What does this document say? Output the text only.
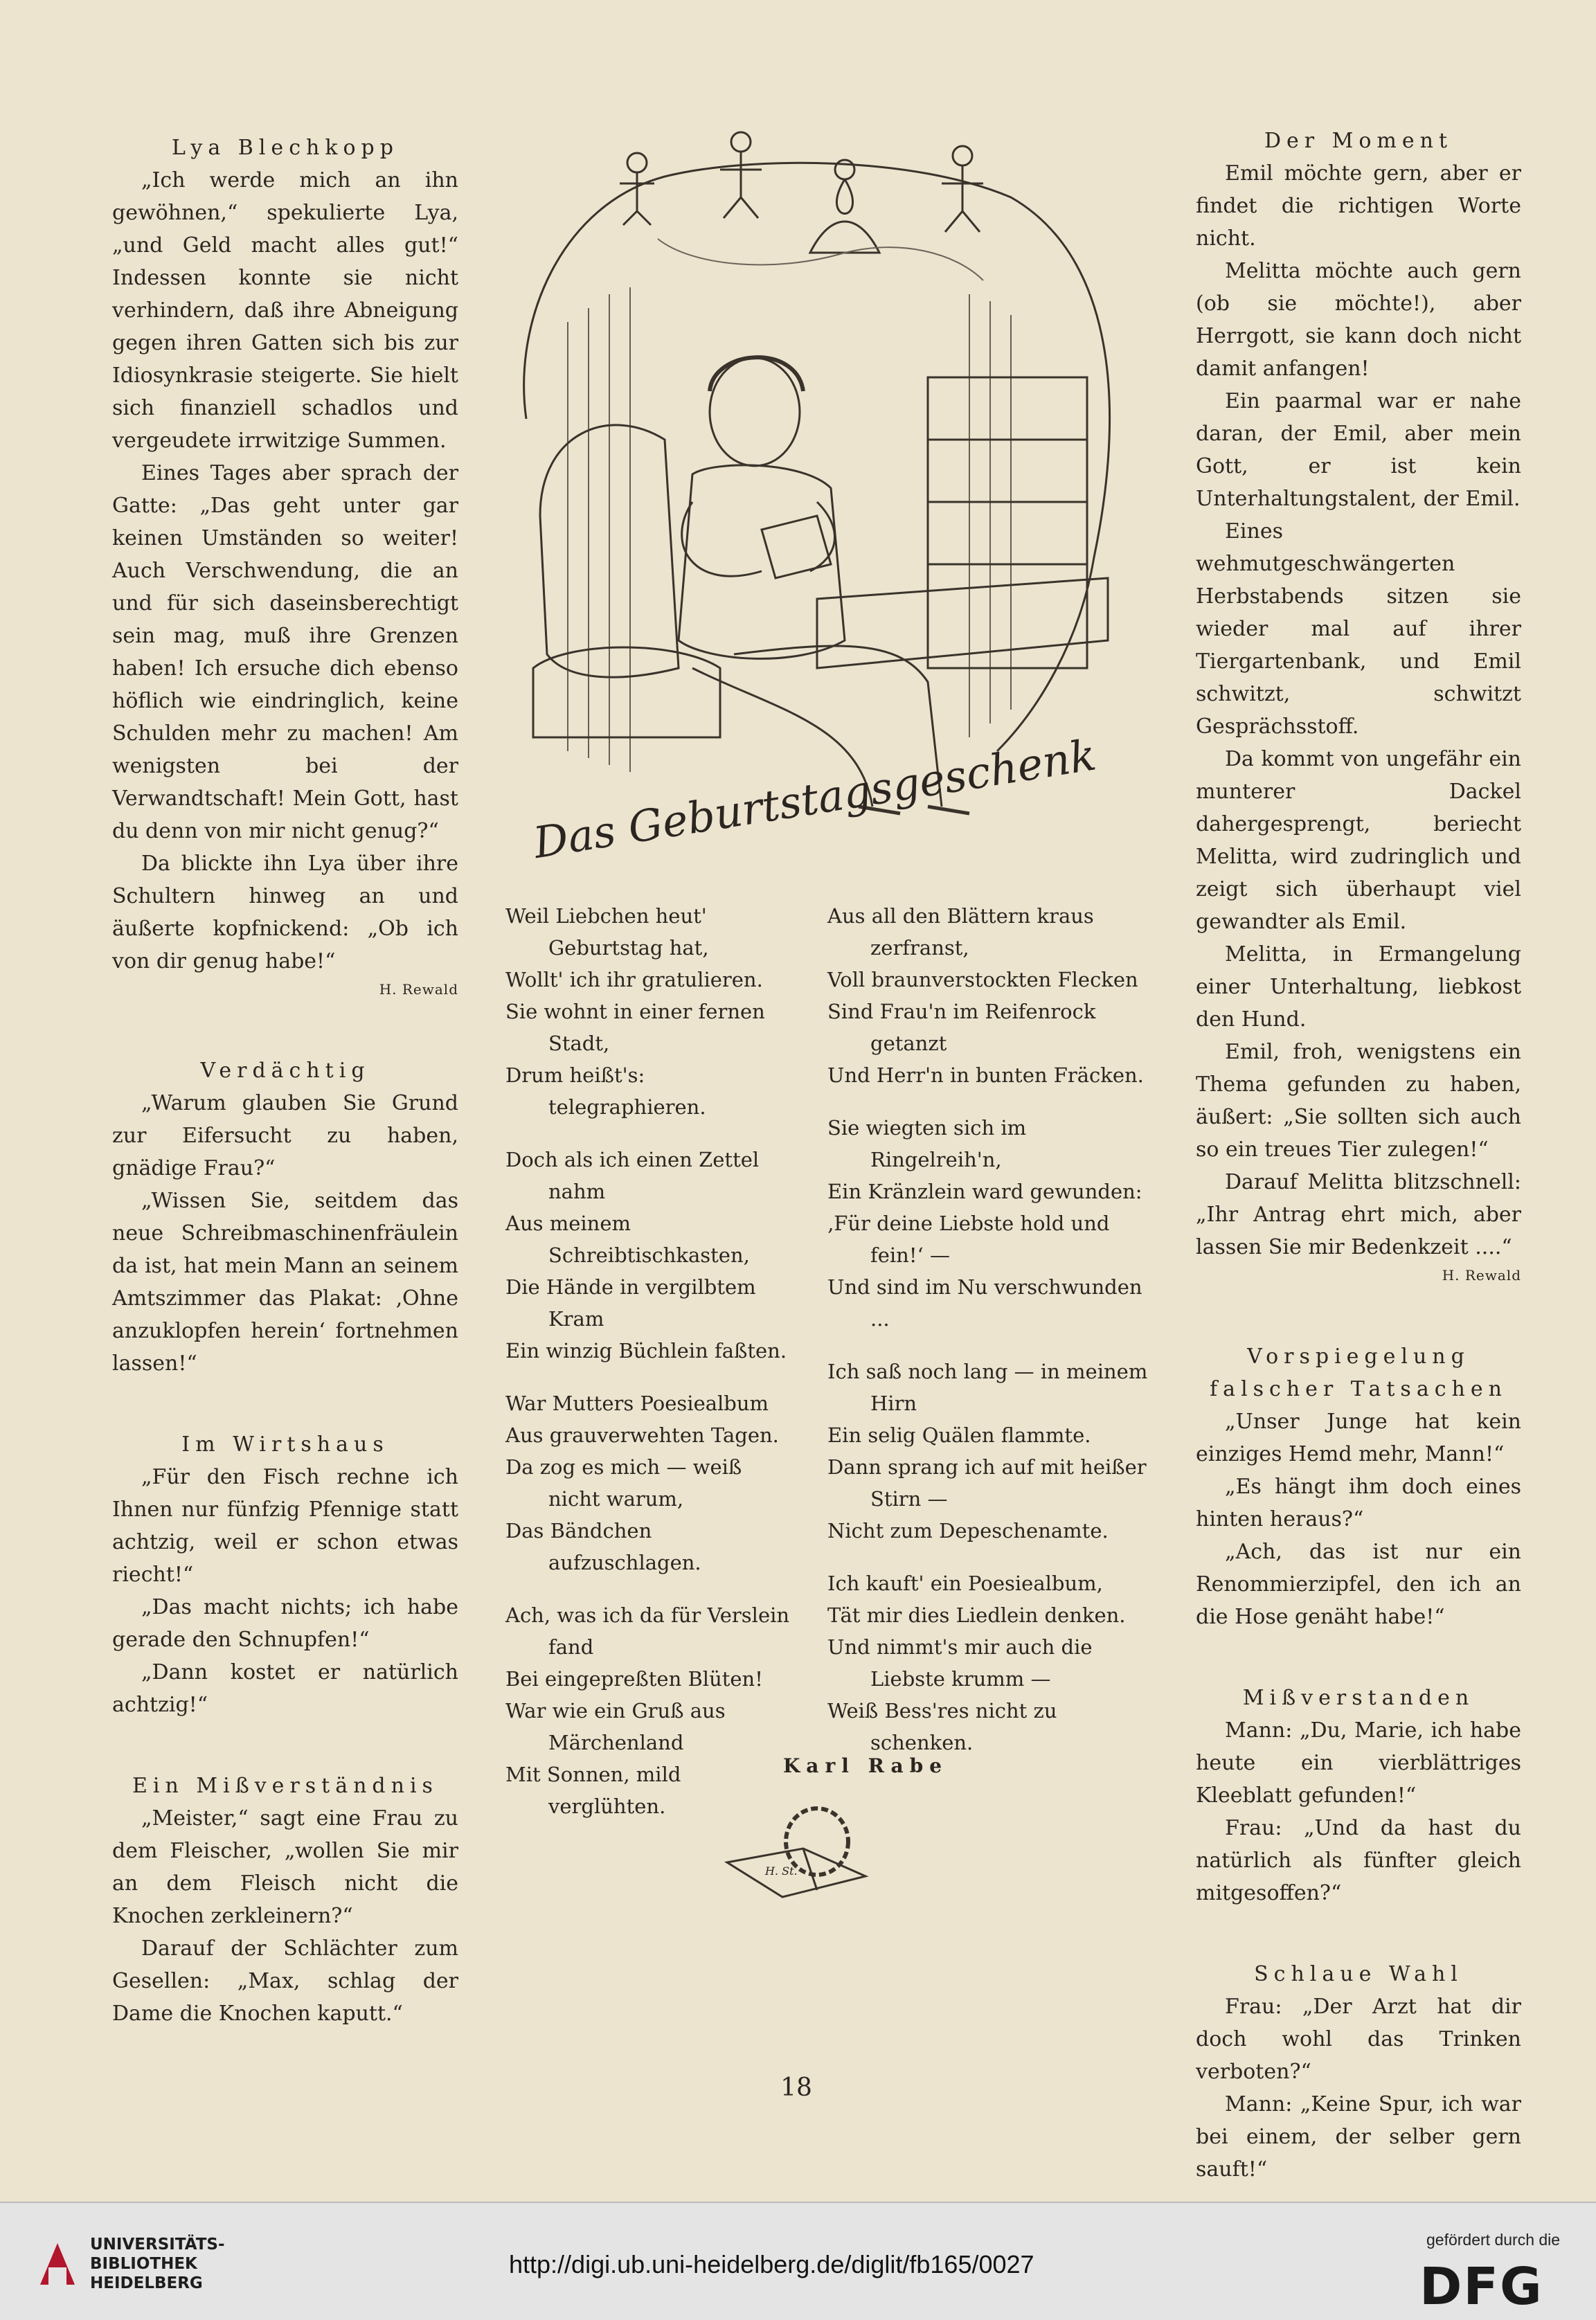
Lya Blechkopp

„Ich werde mich an ihn gewöhnen,“ spekulierte Lya, „und Geld macht alles gut!“ Indessen konnte sie nicht verhindern, daß ihre Abneigung gegen ihren Gatten sich bis zur Idiosynkrasie steigerte. Sie hielt sich finanziell schadlos und vergeudete irrwitzige Summen.

Eines Tages aber sprach der Gatte: „Das geht unter gar keinen Umständen so weiter! Auch Verschwendung, die an und für sich daseinsberechtigt sein mag, muß ihre Grenzen haben! Ich ersuche dich ebenso höflich wie eindringlich, keine Schulden mehr zu machen! Am wenigsten bei der Verwandtschaft! Mein Gott, hast du denn von mir nicht genug?“

Da blickte ihn Lya über ihre Schultern hinweg an und äußerte kopfnickend: „Ob ich von dir genug habe!“

H. Rewald

Verdächtig

„Warum glauben Sie Grund zur Eifersucht zu haben, gnädige Frau?“

„Wissen Sie, seitdem das neue Schreibmaschinenfräulein da ist, hat mein Mann an seinem Amtszimmer das Plakat: ‚Ohne anzuklopfen herein‘ fortnehmen lassen!“

Im Wirtshaus

„Für den Fisch rechne ich Ihnen nur fünfzig Pfennige statt achtzig, weil er schon etwas riecht!“

„Das macht nichts; ich habe gerade den Schnupfen!“

„Dann kostet er natürlich achtzig!“

Ein Mißverständnis

„Meister,“ sagt eine Frau zu dem Fleischer, „wollen Sie mir an dem Fleisch nicht die Knochen zerkleinern?“

Darauf der Schlächter zum Gesellen: „Max, schlag der Dame die Knochen kaputt.“

Der Moment

Emil möchte gern, aber er findet die richtigen Worte nicht.

Melitta möchte auch gern (ob sie möchte!), aber Herrgott, sie kann doch nicht damit anfangen!

Ein paarmal war er nahe daran, der Emil, aber mein Gott, er ist kein Unterhaltungstalent, der Emil.

Eines wehmutgeschwängerten Herbstabends sitzen sie wieder mal auf ihrer Tiergartenbank, und Emil schwitzt, schwitzt Gesprächsstoff.

Da kommt von ungefähr ein munterer Dackel dahergesprengt, beriecht Melitta, wird zudringlich und zeigt sich überhaupt viel gewandter als Emil.

Melitta, in Ermangelung einer Unterhaltung, liebkost den Hund.

Emil, froh, wenigstens ein Thema gefunden zu haben, äußert: „Sie sollten sich auch so ein treues Tier zulegen!“

Darauf Melitta blitzschnell: „Ihr Antrag ehrt mich, aber lassen Sie mir Bedenkzeit ....“

H. Rewald

Vorspiegelung falscher Tatsachen

„Unser Junge hat kein einziges Hemd mehr, Mann!“

„Es hängt ihm doch eines hinten heraus?“

„Ach, das ist nur ein Renommierzipfel, den ich an die Hose genäht habe!“

Mißverstanden

Mann: „Du, Marie, ich habe heute ein vierblättriges Kleeblatt gefunden!“

Frau: „Und da hast du natürlich als fünfter gleich mitgesoffen?“

Schlaue Wahl

Frau: „Der Arzt hat dir doch wohl das Trinken verboten?“

Mann: „Keine Spur, ich war bei einem, der selber gern sauft!“

Das Geburtstagsgeschenk

Weil Liebchen heut' Geburtstag hat,

Wollt' ich ihr gratulieren.

Sie wohnt in einer fernen Stadt,

Drum heißt's: telegraphieren.

Doch als ich einen Zettel nahm

Aus meinem Schreibtischkasten,

Die Hände in vergilbtem Kram

Ein winzig Büchlein faßten.

War Mutters Poesiealbum

Aus grauverwehten Tagen.

Da zog es mich — weiß nicht warum,

Das Bändchen aufzuschlagen.

Ach, was ich da für Verslein fand

Bei eingepreßten Blüten!

War wie ein Gruß aus Märchenland

Mit Sonnen, mild verglühten.

Aus all den Blättern kraus zerfranst,

Voll braunverstockten Flecken

Sind Frau'n im Reifenrock getanzt

Und Herr'n in bunten Fräcken.

Sie wiegten sich im Ringelreih'n,

Ein Kränzlein ward gewunden:

‚Für deine Liebste hold und fein!‘ —

Und sind im Nu verschwunden ...

Ich saß noch lang — in meinem Hirn

Ein selig Quälen flammte.

Dann sprang ich auf mit heißer Stirn —

Nicht zum Depeschenamte.

Ich kauft' ein Poesiealbum,

Tät mir dies Liedlein denken.

Und nimmt's mir auch die Liebste krumm —

Weiß Bess'res nicht zu schenken.

Karl Rabe
H. St.
18
UNIVERSITÄTS-
BIBLIOTHEK
HEIDELBERG
http://digi.ub.uni-heidelberg.de/diglit/fb165/0027
gefördert durch die
DFG
